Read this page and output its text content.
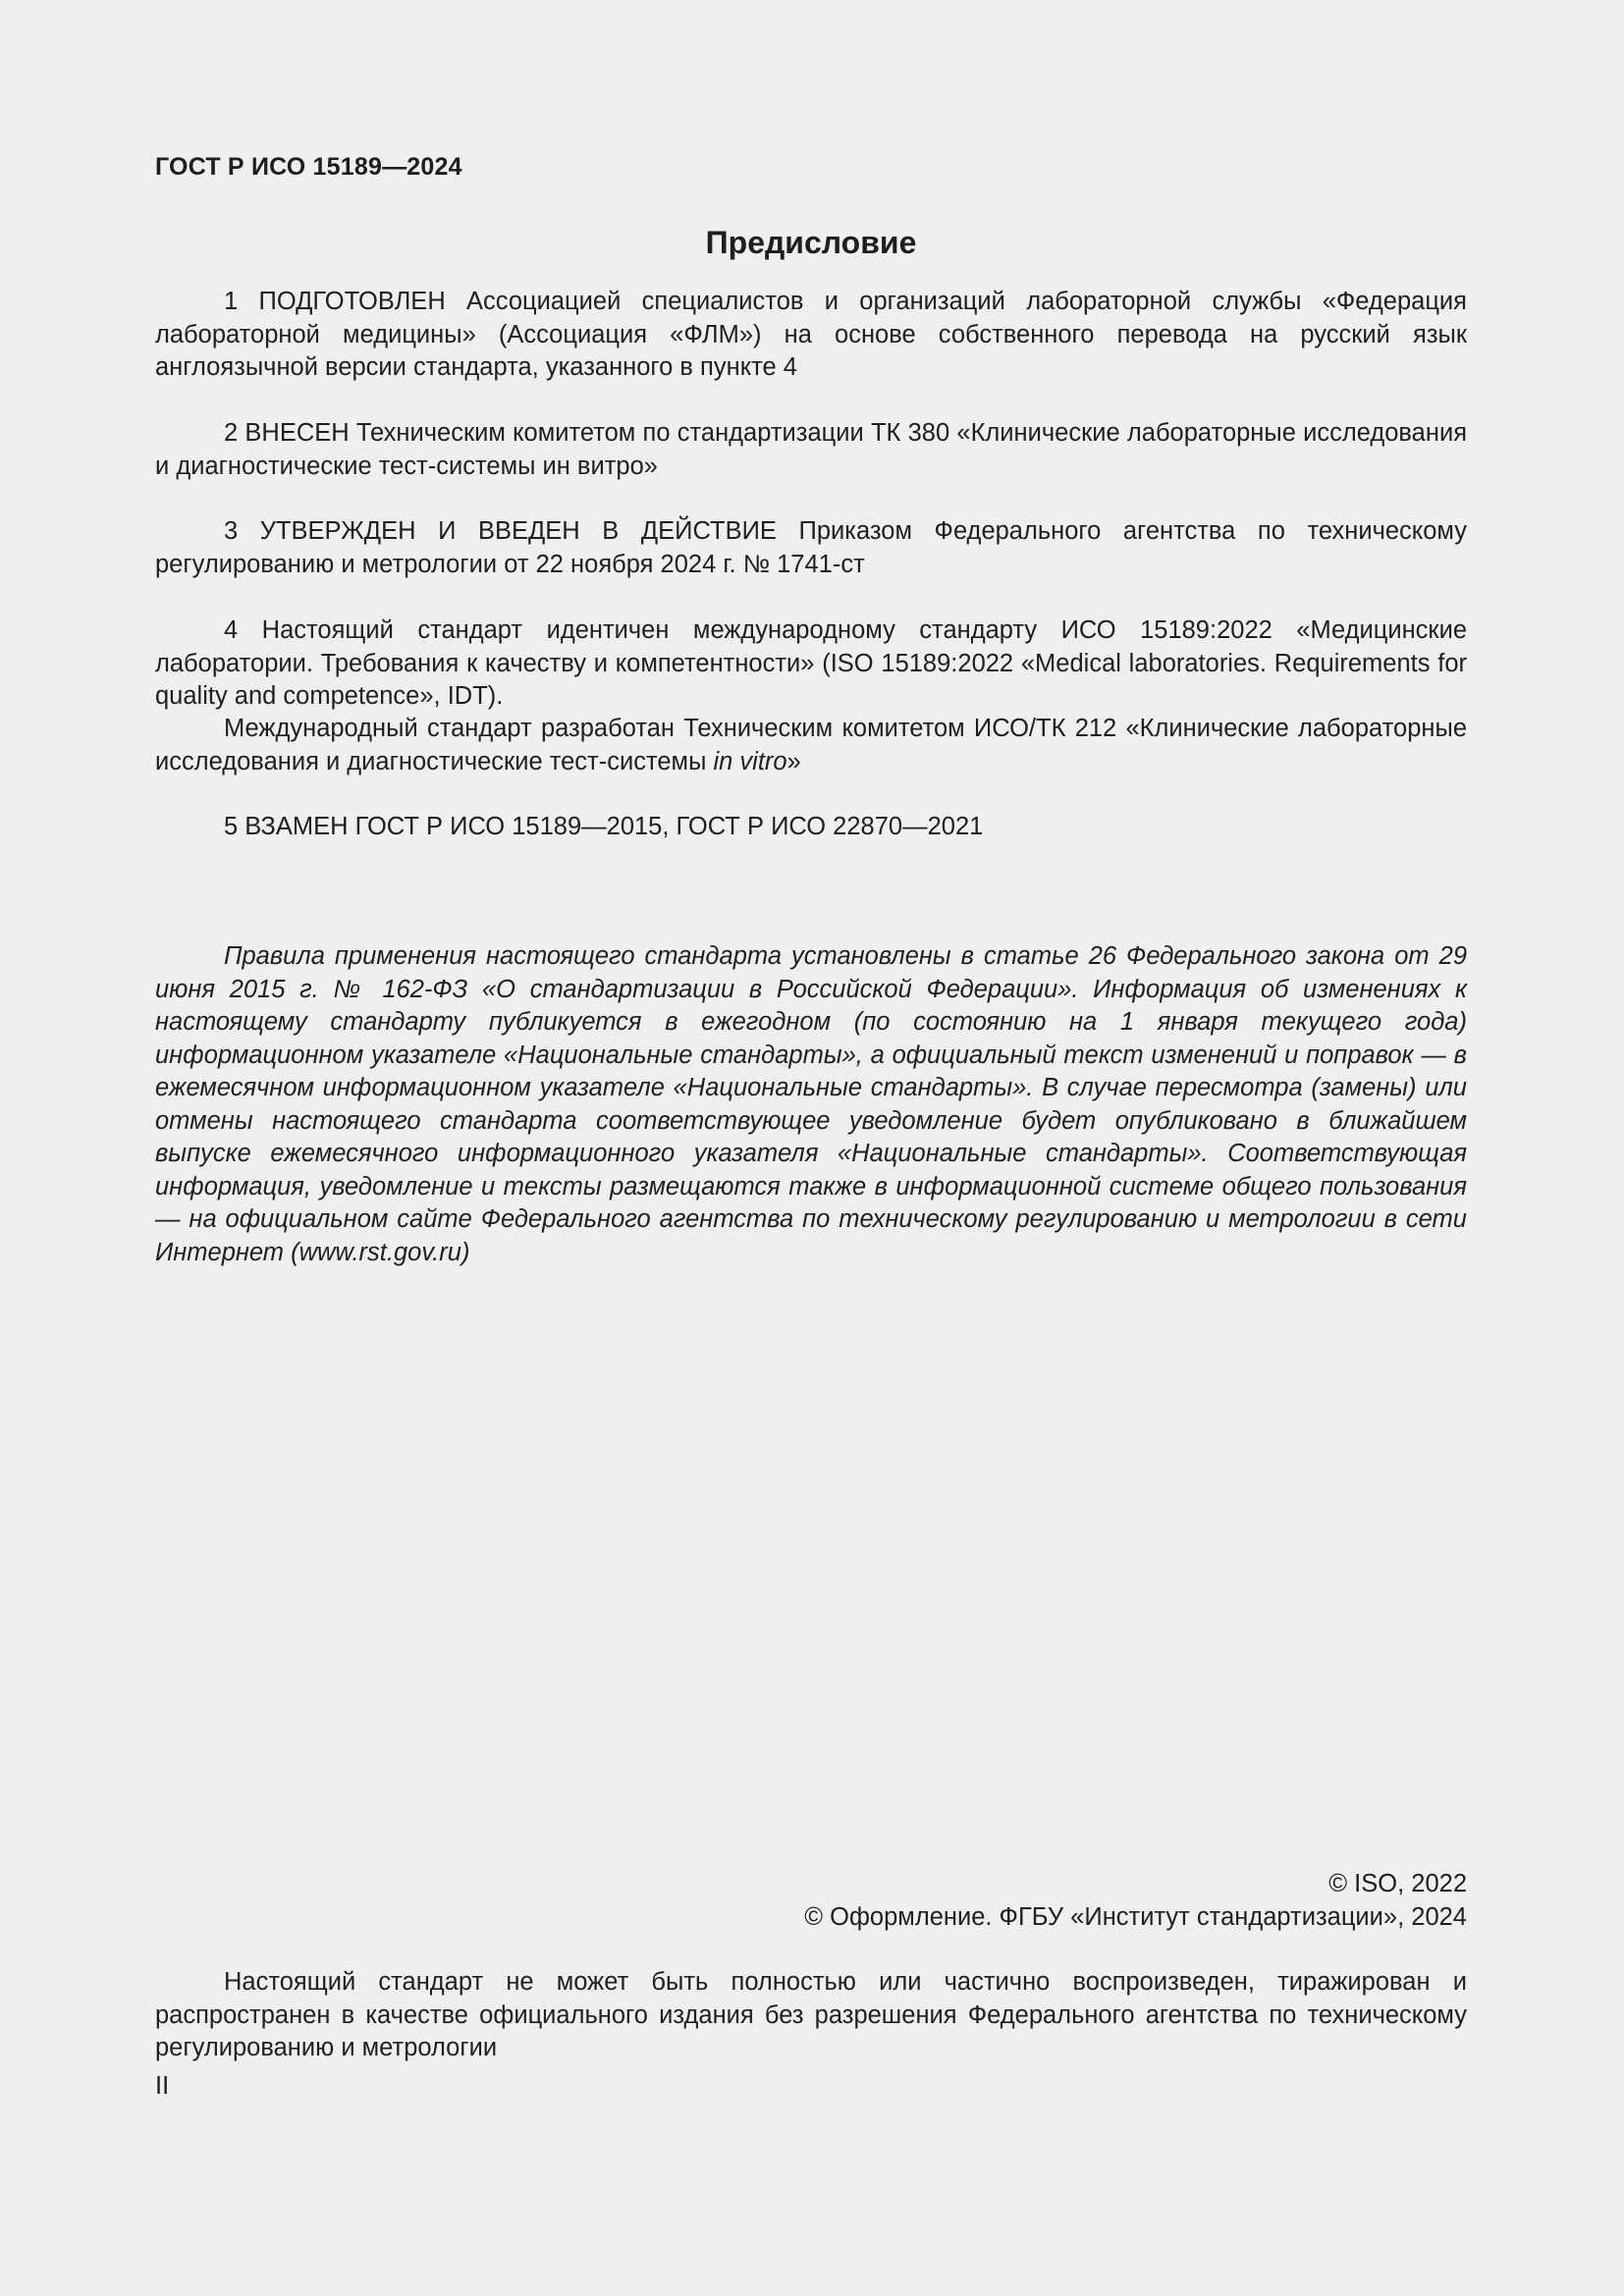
ГОСТ Р ИСО 15189—2024
Предисловие

1 ПОДГОТОВЛЕН Ассоциацией специалистов и организаций лабораторной службы «Федерация лабораторной медицины» (Ассоциация «ФЛМ») на основе собственного перевода на русский язык англоязычной версии стандарта, указанного в пункте 4

2 ВНЕСЕН Техническим комитетом по стандартизации ТК 380 «Клинические лабораторные исследования и диагностические тест-системы ин витро»

3 УТВЕРЖДЕН И ВВЕДЕН В ДЕЙСТВИЕ Приказом Федерального агентства по техническому регулированию и метрологии от 22 ноября 2024 г. № 1741-ст

4 Настоящий стандарт идентичен международному стандарту ИСО 15189:2022 «Медицинские лаборатории. Требования к качеству и компетентности» (ISO 15189:2022 «Medical laboratories. Requirements for quality and competence», IDT).

Международный стандарт разработан Техническим комитетом ИСО/ТК 212 «Клинические лабораторные исследования и диагностические тест-системы in vitro»

5 ВЗАМЕН ГОСТ Р ИСО 15189—2015, ГОСТ Р ИСО 22870—2021

Правила применения настоящего стандарта установлены в статье 26 Федерального закона от 29 июня 2015 г. № 162-ФЗ «О стандартизации в Российской Федерации». Информация об изменениях к настоящему стандарту публикуется в ежегодном (по состоянию на 1 января текущего года) информационном указателе «Национальные стандарты», а официальный текст изменений и поправок — в ежемесячном информационном указателе «Национальные стандарты». В случае пересмотра (замены) или отмены настоящего стандарта соответствующее уведомление будет опубликовано в ближайшем выпуске ежемесячного информационного указателя «Национальные стандарты». Соответствующая информация, уведомление и тексты размещаются также в информационной системе общего пользования — на официальном сайте Федерального агентства по техническому регулированию и метрологии в сети Интернет (www.rst.gov.ru)

© ISO, 2022
© Оформление. ФГБУ «Институт стандартизации», 2024

Настоящий стандарт не может быть полностью или частично воспроизведен, тиражирован и распространен в качестве официального издания без разрешения Федерального агентства по техническому регулированию и метрологии

II
